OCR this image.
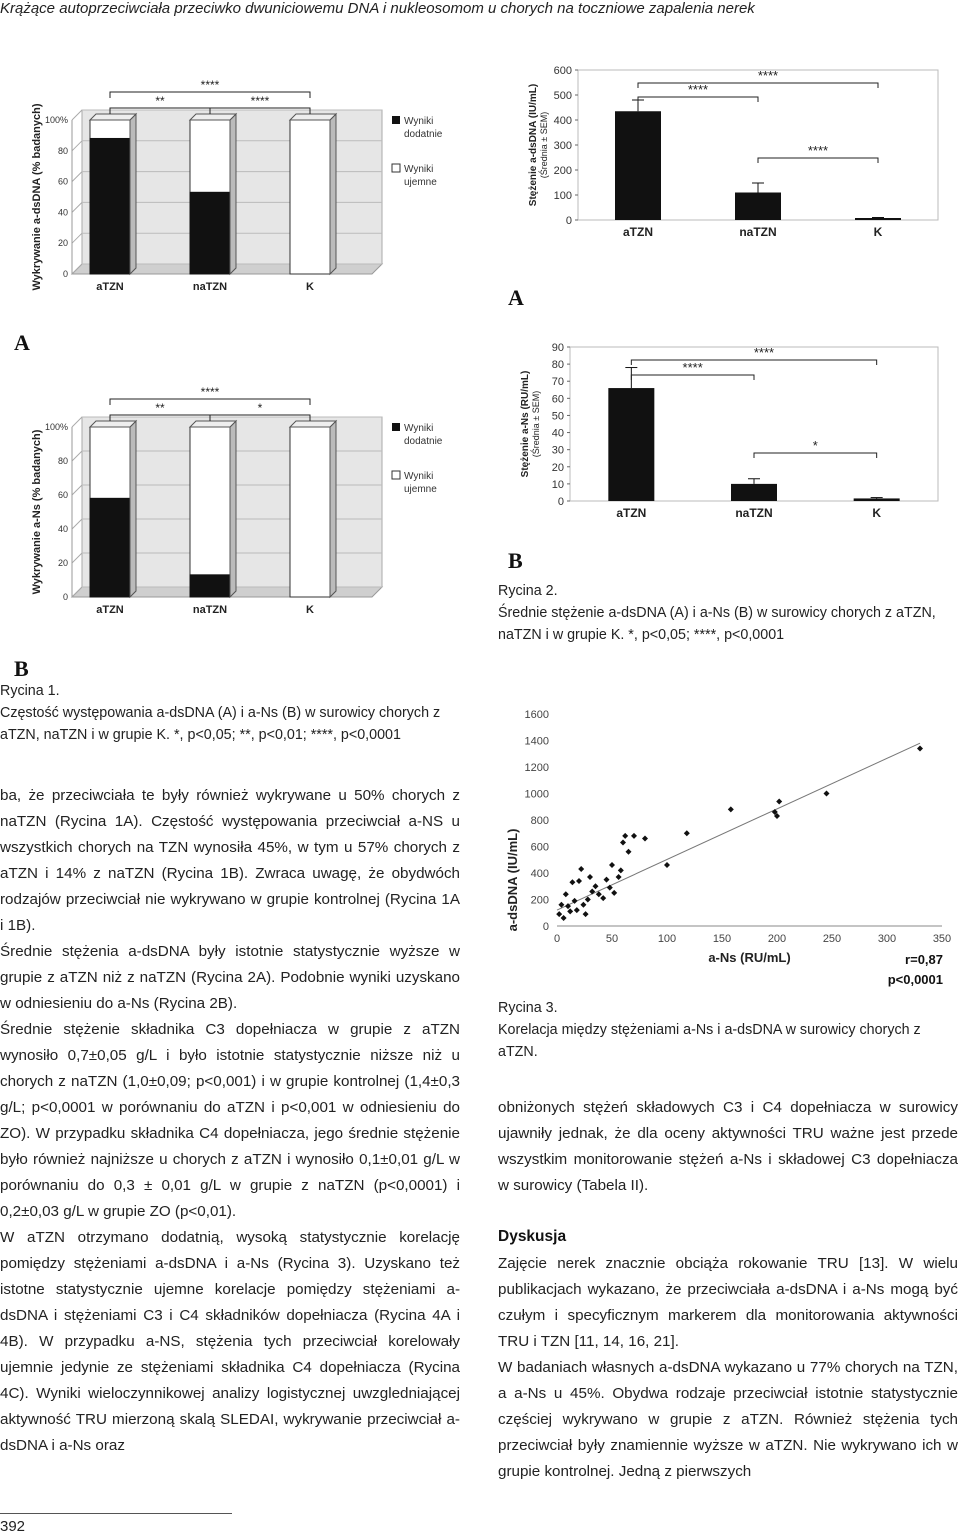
Krążące autoprzeciwciała przeciwko dwuniciowemu DNA i nukleosomom u chorych na toczniowe zapalenia nerek
0
20
40
60
80
100%
Wykrywanie a-dsDNA (% badanych)	aTZN	naTZN	K
**	****
****
Wyniki
dodatnie
Wyniki
ujemne
A
0
20
40
60
80
100%
Wykrywanie a-Ns (% badanych)
aTZN	naTZN	K
**	*
****
Wyniki
dodatnie
Wyniki
ujemne
B
Rycina 1.
Częstość występowania a-dsDNA (A) i a-Ns (B) w surowicy chorych z aTZN, naTZN i w grupie K. *, p<0,05; **, p<0,01; ****, p<0,0001
0
100
200
300
400
500
600
Stężenie a-dsDNA (IU/mL) (Średnia ± SEM)
aTZN	naTZN	K
****
****
****
A
0
10
20
30
40
50
60
70
80
90
Stężenie a-Ns (RU/mL) (Średnia ± SEM)
aTZN	naTZN	K
****
****
*
B
Rycina 2.
Średnie stężenie a-dsDNA (A) i a-Ns (B) w surowicy chorych z aTZN, naTZN i w grupie K. *, p<0,05; ****, p<0,0001
0
200
400
600
800
1000
1200
1400
1600
0	50	100	150	200	250	300	350
a-dsDNA (IU/mL)
a-Ns (RU/mL)	r=0,87
p<0,0001
Rycina 3.
Korelacja między stężeniami a-Ns i a-dsDNA w surowicy chorych z aTZN.

ba, że przeciwciała te były również wykrywane u 50% chorych z naTZN (Rycina 1A). Częstość występowania przeciwciał a-NS u wszystkich chorych na TZN wynosiła 45%, w tym u 57% chorych z aTZN i 14% z naTZN (Rycina 1B). Zwraca uwagę, że obydwóch rodzajów przeciwciał nie wykrywano w grupie kontrolnej (Rycina 1A i 1B).

Średnie stężenia a-dsDNA były istotnie statystycznie wyższe w grupie z aTZN niż z naTZN (Rycina 2A). Podobnie wyniki uzyskano w odniesieniu do a-Ns (Rycina 2B).

Średnie stężenie składnika C3 dopełniacza w grupie z aTZN wynosiło 0,7±0,05 g/L i było istotnie statystycznie niższe niż u chorych z naTZN (1,0±0,09; p<0,001) i w grupie kontrolnej (1,4±0,3 g/L; p<0,0001 w porównaniu do aTZN i p<0,001 w odniesieniu do ZO). W przypadku składnika C4 dopełniacza, jego średnie stężenie było również najniższe u chorych z aTZN i wynosiło 0,1±0,01 g/L w porównaniu do 0,3 ± 0,01 g/L w grupie z naTZN (p<0,0001) i 0,2±0,03 g/L w grupie ZO (p<0,01).

W aTZN otrzymano dodatnią, wysoką statystycznie korelację pomiędzy stężeniami a-dsDNA i a-Ns (Rycina 3). Uzyskano też istotne statystycznie ujemne korelacje pomiędzy stężeniami a-dsDNA i stężeniami C3 i C4 składników dopełniacza (Rycina 4A i 4B). W przypadku a-NS, stężenia tych przeciwciał korelowały ujemnie jedynie ze stężeniami składnika C4 dopełniacza (Rycina 4C). Wyniki wieloczynnikowej analizy logistycznej uwzgledniającej aktywność TRU mierzoną skalą SLEDAI, wykrywanie przeciwciał a-dsDNA i a-Ns oraz

obniżonych stężeń składowych C3 i C4 dopełniacza w surowicy ujawniły jednak, że dla oceny aktywności TRU ważne jest przede wszystkim monitorowanie stężeń a-Ns i składowej C3 dopełniacza w surowicy (Tabela II).

Dyskusja

Zajęcie nerek znacznie obciąża rokowanie TRU [13]. W wielu publikacjach wykazano, że przeciwciała a-dsDNA i a-Ns mogą być czułym i specyficznym markerem dla monitorowania aktywności TRU i TZN [11, 14, 16, 21].

W badaniach własnych a-dsDNA wykazano u 77% chorych na TZN, a a-Ns u 45%. Obydwa rodzaje przeciwciał istotnie statystycznie częściej wykrywano w grupie z aTZN. Również stężenia tych przeciwciał były znamiennie wyższe w aTZN. Nie wykrywano ich w grupie kontrolnej. Jedną z pierwszych

392
